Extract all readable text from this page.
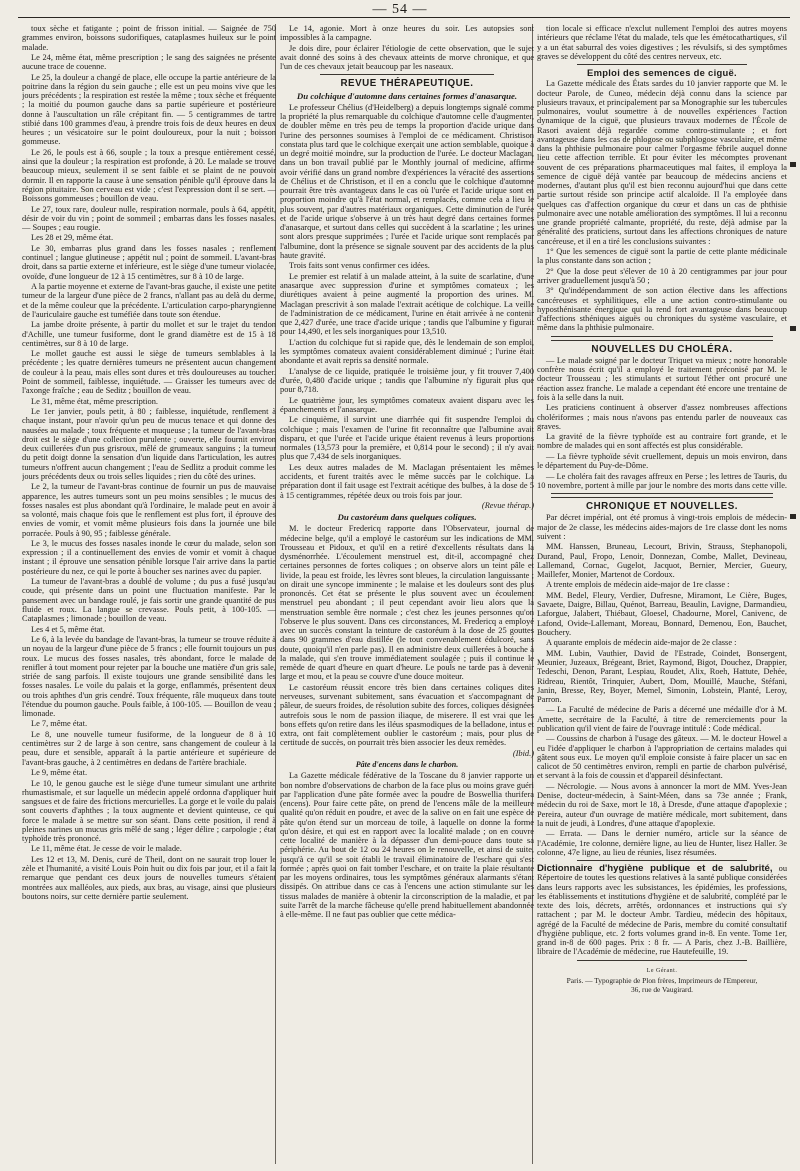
— 54 —

toux sèche et fatigante ; point de frisson initial. — Saignée de 750 grammes environ, boissons sudorifiques, cataplasmes huileux sur le point malade.

Le 24, même état, même prescription ; le sang des saignées ne présente aucune trace de couenne.

Le 25, la douleur a changé de place, elle occupe la partie antérieure de la poitrine dans la région du sein gauche ; elle est un peu moins vive que les jours précédents ; la respiration est restée la même ; toux sèche et fréquente ; la moitié du poumon gauche dans sa partie supérieure et postérieure donne à l'auscultation un râle crépitant fin. — 5 centigrammes de tartre stibié dans 100 grammes d'eau, à prendre trois fois de deux heures en deux heures ; un vésicatoire sur le point douloureux, pour la nuit ; boisson gommeuse.

Le 26, le pouls est à 66, souple ; la toux a presque entièrement cessé, ainsi que la douleur ; la respiration est profonde, à 20. Le malade se trouve beaucoup mieux, seulement il se sent faible et se plaint de ne pouvoir dormir. Il en rapporte la cause à une sensation pénible qu'il éprouve dans la région pituitaire. Son cerveau est vide ; c'est l'expression dont il se sert. — Boissons gommeuses ; bouillon de veau.

Le 27, toux rare, douleur nulle, respiration normale, pouls à 64, appétit, désir de voir du vin ; point de sommeil ; embarras dans les fosses nasales. — Soupes ; eau rougie.

Les 28 et 29, même état.

Le 30, embarras plus grand dans les fosses nasales ; renflement continuel ; langue glutineuse ; appétit nul ; point de sommeil. L'avant-bras droit, dans sa partie externe et inférieure, est le siège d'une tumeur violacée, ovoïde, d'une longueur de 12 à 15 centimètres, sur 8 à 10 de large.

A la partie moyenne et externe de l'avant-bras gauche, il existe une petite tumeur de la largeur d'une pièce de 2 francs, n'allant pas au delà du derme, et de la même couleur que la précédente. L'articulation carpo-pharyngienne de l'auriculaire gauche est tuméfiée dans toute son étendue.

La jambe droite présente, à partir du mollet et sur le trajet du tendon d'Achille, une tumeur fusiforme, dont le grand diamètre est de 15 à 18 centimètres, sur 8 à 10 de large.

Le mollet gauche est aussi le siège de tumeurs semblables à la précédente ; les quatre dernières tumeurs ne présentent aucun changement de couleur à la peau, mais elles sont dures et très douloureuses au toucher. Point de sommeil, faiblesse, inquiétude. — Graisser les tumeurs avec de l'axonge fraîche ; eau de Seditz ; bouillon de veau.

Le 31, même état, même prescription.

Le 1er janvier, pouls petit, à 80 ; faiblesse, inquiétude, renflement à chaque instant, pour n'avoir qu'un peu de mucus tenace et qui donne des nausées au malade ; toux fréquente et muqueuse ; la tumeur de l'avant-bras droit est le siège d'une collection purulente ; ouverte, elle fournit environ deux cuillerées d'un pus grisroux, mêlé de grumeaux sanguins ; la tumeur du petit doigt donne la sensation d'un liquide dans l'articulation, les autres tumeurs n'offrent aucun changement ; l'eau de Sedlitz a produit comme les jours précédents deux ou trois selles liquides ; rien du côté des urines.

Le 2, la tumeur de l'avant-bras continue de fournir un pus de mauvaise apparence, les autres tumeurs sont un peu moins sensibles ; le mucus des fosses nasales est plus abondant qu'à l'ordinaire, le malade peut en avoir à sa volonté, mais chaque fois que le renflement est plus fort, il éprouve des envies de vomir, et vomit même plusieurs fois dans la journée une bile porracée. Pouls à 90, 95 ; faiblesse générale.

Le 3, le mucus des fosses nasales inonde le cœur du malade, selon son expression ; il a continuellement des envies de vomir et vomit à chaque instant ; il éprouve une sensation pénible lorsque l'air arrive dans la partie postérieure du nez, ce qui le porte à boucher ses narines avec du papier.

La tumeur de l'avant-bras a doublé de volume ; du pus a fusé jusqu'au coude, qui présente dans un point une fluctuation manifeste. Par le pansement avec un bandage roulé, je fais sortir une grande quantité de pus fluide et roux. La langue se crevasse. Pouls petit, à 100-105. — Cataplasmes ; limonade ; bouillon de veau.

Les 4 et 5, même état.

Le 6, à la levée du bandage de l'avant-bras, la tumeur se trouve réduite à un noyau de la largeur d'une pièce de 5 francs ; elle fournit toujours un pus roux. Le mucus des fosses nasales, très abondant, force le malade de renifler à tout moment pour rejeter par la bouche une matière d'un gris sale, striée de sang parfois. Il existe toujours une grande sensibilité dans les fosses nasales. Le voile du palais et la gorge, enflammés, présentent deux ou trois aphthes d'un gris cendré. Toux fréquente, râle muqueux dans toute l'étendue du poumon gauche. Pouls faible, à 100-105. — Bouillon de veau ; limonade.

Le 7, même état.

Le 8, une nouvelle tumeur fusiforme, de la longueur de 8 à 10 centimètres sur 2 de large à son centre, sans changement de couleur à la peau, dure et sensible, apparaît à la partie antérieure et supérieure de l'avant-bras gauche, à 2 centimètres en dedans de l'artère brachiale.

Le 9, même état.

Le 10, le genou gauche est le siège d'une tumeur simulant une arthrite rhumastismale, et sur laquelle un médecin appelé ordonna d'appliquer huit sangsues et de faire des frictions mercurielles. La gorge et le voile du palais sont couverts d'aphthes ; la toux augmente et devient quinteuse, ce qui force le malade à se mettre sur son séant. Dans cette position, il rend à pleines narines un mucus gris mêlé de sang ; léger délire ; carpologie ; état typhoïde très prononcé.

Le 11, même état. Je cesse de voir le malade.

Les 12 et 13, M. Denis, curé de Theil, dont on ne saurait trop louer le zèle et l'humanité, a visité Louis Poin huit ou dix fois par jour, et il a fait la remarque que pendant ces deux jours de nouvelles tumeurs s'étaient montrées aux malléoles, aux pieds, aux bras, au visage, ainsi que plusieurs boutons noirs, sur cette dernière partie seulement.

Le 14, agonie. Mort à onze heures du soir. Les autopsies sont impossibles à la campagne.

Je dois dire, pour éclairer l'étiologie de cette observation, que le sujet avait donné des soins à des chevaux atteints de morve chronique, et que l'un de ces chevaux jetait beaucoup par les naseaux.

REVUE THÉRAPEUTIQUE.
Du colchique d'automne dans certaines formes d'anasarque.

Le professeur Chélius (d'Heidelberg) a depuis longtemps signalé comme la propriété la plus remarquable du colchique d'automne celle d'augmenter, de doubler même en très peu de temps la proportion d'acide urique dans l'urine des personnes soumises à l'emploi de ce médicament. Christison constata plus tard que le colchique exerçait une action semblable, quoique à un degré moitié moindre, sur la production de l'urée. Le docteur Maclagan, dans un bon travail publié par le Monthly journal of medicine, affirme avoir vérifié dans un grand nombre d'expériences la véracité des assertions de Chélius et de Christison, et il en a conclu que le colchique d'automne pourrait être très avantageux dans le cas où l'urée et l'acide urique sont en proportion moindre qu'à l'état normal, et remplacés, comme cela a lieu le plus souvent, par d'autres matériaux organiques. Cette diminution de l'urée et de l'acide urique s'observe à un très haut degré dans certaines formes d'anasarque, et surtout dans celles qui succèdent à la scarlatine ; les urines sont alors presque supprimées ; l'urée et l'acide urique sont remplacés par l'albumine, dont la présence se signale souvent par des accidents de la plus haute gravité.

Trois faits sont venus confirmer ces idées.

Le premier est relatif à un malade atteint, à la suite de scarlatine, d'une anasarque avec suppression d'urine et symptômes comateux ; les diurétiques avaient à peine augmenté la proportion des urines. M. Maclagan prescrivit à son malade l'extrait acétique de colchique. La veille de l'administration de ce médicament, l'urine en était arrivée à ne contenir que 2,427 d'urée, une trace d'acide urique ; tandis que l'albumine y figurait pour 14,490, et les sels inorganiques pour 13,510.

L'action du colchique fut si rapide que, dès le lendemain de son emploi, les symptômes comateux avaient considérablement diminué ; l'urine était abondante et avait repris sa densité normale.

L'analyse de ce liquide, pratiquée le troisième jour, y fit trouver 7,400 d'urée, 0,480 d'acide urique ; tandis que l'albumine n'y figurait plus que pour 8,718.

Le quatrième jour, les symptômes comateux avaient disparu avec les épanchements et l'anasarque.

Le cinquième, il survint une diarrhée qui fit suspendre l'emploi du colchique ; mais l'examen de l'urine fit reconnaître que l'albumine avait disparu, et que l'urée et l'acide urique étaient revenus à leurs proportions normales (13,573 pour la première, et 0,814 pour le second) ; il n'y avait plus que 7,434 de sels inorganiques.

Les deux autres malades de M. Maclagan présentaient les mêmes accidents, et furent traités avec le même succès par le colchique. La préparation dont il fait usage est l'extrait acétique des bulbes, à la dose de 5 à 15 centigrammes, répétée deux ou trois fois par jour.

(Revue thérap.)

Du castoréum dans quelques coliques.

M. le docteur Fredericq rapporte dans l'Observateur, journal de médecine belge, qu'il a employé le castoréum sur les indications de MM. Trousseau et Pidoux, et qu'il en a retiré d'excellents résultats dans la dysménorrhée. L'écoulement menstruel est, dit-il, accompagné chez certaines personnes de fortes coliques ; on observe alors un teint pâle et livide, la peau est froide, les lèvres sont bleues, la circulation languissante ; on dirait une syncope imminente ; le malaise et les douleurs sont des plus prononcés. Cet état se présente le plus souvent avec un écoulement menstruel peu abondant ; il peut cependant avoir lieu alors que la menstruation semble être normale ; c'est chez les jeunes personnes qu'on l'observe le plus souvent. Dans ces circonstances, M. Fredericq a employé avec un succès constant la teinture de castoréum à la dose de 25 gouttes dans 90 grammes d'eau distillée (le tout convenablement édulcoré, sans doute, quoiqu'il n'en parle pas). Il en administre deux cuillerées à bouche à la malade, qui s'en trouve immédiatement soulagée ; puis il continue le remède de quart d'heure en quart d'heure. Le pouls ne tarde pas à devenir large et mou, et la peau se couvre d'une douce moiteur.

Le castoréum réussit encore très bien dans certaines coliques dites nerveuses, survenant subitement, sans évacuation et s'accompagnant de pâleur, de sueurs froides, de résolution subite des forces, coliques désignées autrefois sous le nom de passion iliaque, de miserere. Il est vrai que les bons effets qu'on retire dans les iléus spasmodiques de la belladone, intus et extra, ont fait complètement oublier le castoréum ; mais, pour plus de certitude de succès, on pourrait très bien associer les deux remèdes.

(Ibid.)

Pâte d'encens dans le charbon.

La Gazette médicale fédérative de la Toscane du 8 janvier rapporte un bon nombre d'observations de charbon de la face plus ou moins grave guéri par l'application d'une pâte formée avec la poudre de Boswellia thurifera (encens). Pour faire cette pâte, on prend de l'encens mâle de la meilleure qualité qu'on réduit en poudre, et avec de la salive on en fait une espèce de pâte qu'on étend sur un morceau de toile, à laquelle on donne la forme qu'on désire, et qui est en rapport avec la localité malade ; on en couvre cette localité de manière à la dépasser d'un demi-pouce dans toute sa périphérie. Au bout de 12 ou 24 heures on le renouvelle, et ainsi de suite, jusqu'à ce qu'il se soit établi le travail éliminatoire de l'eschare qui s'est formée ; après quoi on fait tomber l'eschare, et on traite la plaie résultante par les moyens ordinaires, tous les symptômes généraux alarmants s'étant dissipés. On attribue dans ce cas à l'encens une action stimulante sur les tissus malades de manière à obtenir la circonscription de la maladie, et par suite l'arrêt de la marche fâcheuse qu'elle prend habituellement abandonnée à elle-même. Il ne faut pas oublier que cette médica-

tion locale si efficace n'exclut nullement l'emploi des autres moyens intérieurs que réclame l'état du malade, tels que les émétocathartiques, s'il y a un état saburral des voies digestives ; les révulsifs, si des symptômes graves se développent du côté des centres nerveux, etc.

Emploi des semences de ciguë.

La Gazette médicale des États sardes du 10 janvier rapporte que M. le docteur Parole, de Cuneo, médecin déjà connu dans la science par plusieurs travaux, et principalement par sa Monographie sur les tubercules pulmonaires, voulut soumettre à de nouvelles expériences l'action dynamique de la ciguë, que plusieurs travaux modernes de l'École de Rasori avaient déjà regardée comme contro-stimulante ; et fort avantageuse dans les cas de phlogose ou subphlogose vasculaire, et même dans la phthisie pulmonaire pour calmer l'orgasme fébrile auquel donne lieu cette affection terrible. Et pour éviter les mécomptes provenant souvent de ces préparations pharmaceutiques mal faites, il employa la semence de ciguë déjà vantée par beaucoup de médecins anciens et modernes, d'autant plus qu'il est bien reconnu aujourd'hui que dans cette partie surtout réside son principe actif alcaloïde. Il l'a employée dans quelques cas d'affection organique du cœur et dans un cas de phthisie pulmonaire avec une notable amélioration des symptômes. Il lui a reconnu une grande propriété calmante, propriété, du reste, déjà admise par la généralité des praticiens, surtout dans les affections chroniques de nature cancéreuse, et il en a tiré les conclusions suivantes :

1° Que les semences de ciguë sont la partie de cette plante médicinale la plus constante dans son action ;

2° Que la dose peut s'élever de 10 à 20 centigrammes par jour pour arriver graduellement jusqu'à 50 ;

3° Qu'indépendamment de son action élective dans les affections cancéreuses et syphilitiques, elle a une action contro-stimulante ou hyposthénisante énergique qui la rend fort avantageuse dans beaucoup d'affections sthéniques aiguës ou chroniques du système vasculaire, et même dans la phthisie pulmonaire.

NOUVELLES DU CHOLÉRA.

— Le malade soigné par le docteur Triquet va mieux ; notre honorable confrère nous écrit qu'il a employé le traitement préconisé par M. le docteur Trousseau ; les stimulants et surtout l'éther ont procuré une réaction assez franche. Le malade a cependant été encore une trentaine de fois à la selle dans la nuit.

Les praticiens continuent à observer d'assez nombreuses affections cholériformes ; mais nous n'avons pas entendu parler de nouveaux cas graves.

La gravité de la fièvre typhoïde est au contraire fort grande, et le nombre de malades qui en sont affectés est plus considérable.

— La fièvre typhoïde sévit cruellement, depuis un mois environ, dans le département du Puy-de-Dôme.

— Le choléra fait des ravages affreux en Perse ; les lettres de Tauris, du 10 novembre, portent à mille par jour le nombre des morts dans cette ville.

CHRONIQUE ET NOUVELLES.

Par décret impérial, ont été promus à vingt-trois emplois de médecin-major de 2e classe, les médecins aides-majors de 1re classe dont les noms suivent :

MM. Hanssen, Bruneau, Lecourt, Brivin, Strauss, Stephanopoli, Durand, Paul, Fropo, Lenoir, Donnezan, Combe, Mallet, Devineau, Lallemand, Cornac, Gugelot, Jacquot, Bernier, Mercier, Gueury, Maillefer, Monier, Martenot de Cordoux.

A trente emplois de médecin aide-major de 1re classe :

MM. Bedel, Fleury, Verdier, Dufresne, Miramont, Le Cière, Buges, Savaete, Daigre, Billau, Quénot, Barreau, Beaulin, Lavigne, Darmandieu, Laforgue, Jalabert, Thiébaut, Gloesel, Chadourne, Morel, Canivenc, de Lafond, Ovide-Lallemant, Moreau, Bonnard, Demenou, Eon, Bauchet, Bouchery.

A quarante emplois de médecin aide-major de 2e classe :

MM. Lubin, Vauthier, David de l'Estrade, Coindet, Bonsergent, Meunier, Juzeaux, Brégeant, Briet, Raymond, Bigot, Douchez, Drappier, Tedeschi, Denon, Parant, Lespiau, Roudet, Alix, Roeh, Hattute, Dehée, Ridreau, Rientôt, Trinquier, Aubert, Dom, Mouillé, Mauche, Stéfani, Janin, Bresse, Rey, Boyer, Memel, Simonin, Lobstein, Planté, Leroy, Parron.

— La Faculté de médecine de Paris a décerné une médaille d'or à M. Amette, secrétaire de la Faculté, à titre de remerciements pour la publication qu'il vient de faire de l'ouvrage intitulé : Code médical.

— Coussins de charbon à l'usage des gâteux. — M. le docteur Howel a eu l'idée d'appliquer le charbon à l'appropriation de certains malades qui gâtent sous eux. Le moyen qu'il emploie consiste à faire placer un sac en calicot de 50 centimètres environ, rempli en partie de charbon pulvérisé, et servant à la fois de coussin et d'appareil désinfectant.

— Nécrologie. — Nous avons à annoncer la mort de MM. Yves-Jean Denise, docteur-médecin, à Saint-Méen, dans sa 73e année ; Frank, médecin du roi de Saxe, mort le 18, à Dresde, d'une attaque d'apoplexie ; Pereira, auteur d'un ouvrage de matière médicale, mort subitement, dans la nuit de jeudi, à Londres, d'une attaque d'apoplexie.

— Errata. — Dans le dernier numéro, article sur la séance de l'Académie, 1re colonne, dernière ligne, au lieu de Hunter, lisez Haller. 3e colonne, 47e ligne, au lieu de réunies, lisez résumées.

Dictionnaire d'hygiène publique et de salubrité, ou Répertoire de toutes les questions relatives à la santé publique considérées dans leurs rapports avec les subsistances, les épidémies, les professions, les établissements et institutions d'hygiène et de salubrité, complété par le texte des lois, décrets, arrêtés, ordonnances et instructions qui s'y rattachent ; par M. le docteur Ambr. Tardieu, médecin des hôpitaux, agrégé de la Faculté de médecine de Paris, membre du comité consultatif d'hygiène publique, etc. 2 forts volumes grand in-8. En vente. Tome 1er, grand in-8 de 600 pages. Prix : 8 fr. — A Paris, chez J.-B. Baillière, libraire de l'Académie de médecine, rue Hautefeuille, 19.

Le Gérant.
Paris. — Typographie de Plon frères, Imprimeurs de l'Empereur,
36, rue de Vaugirard.
